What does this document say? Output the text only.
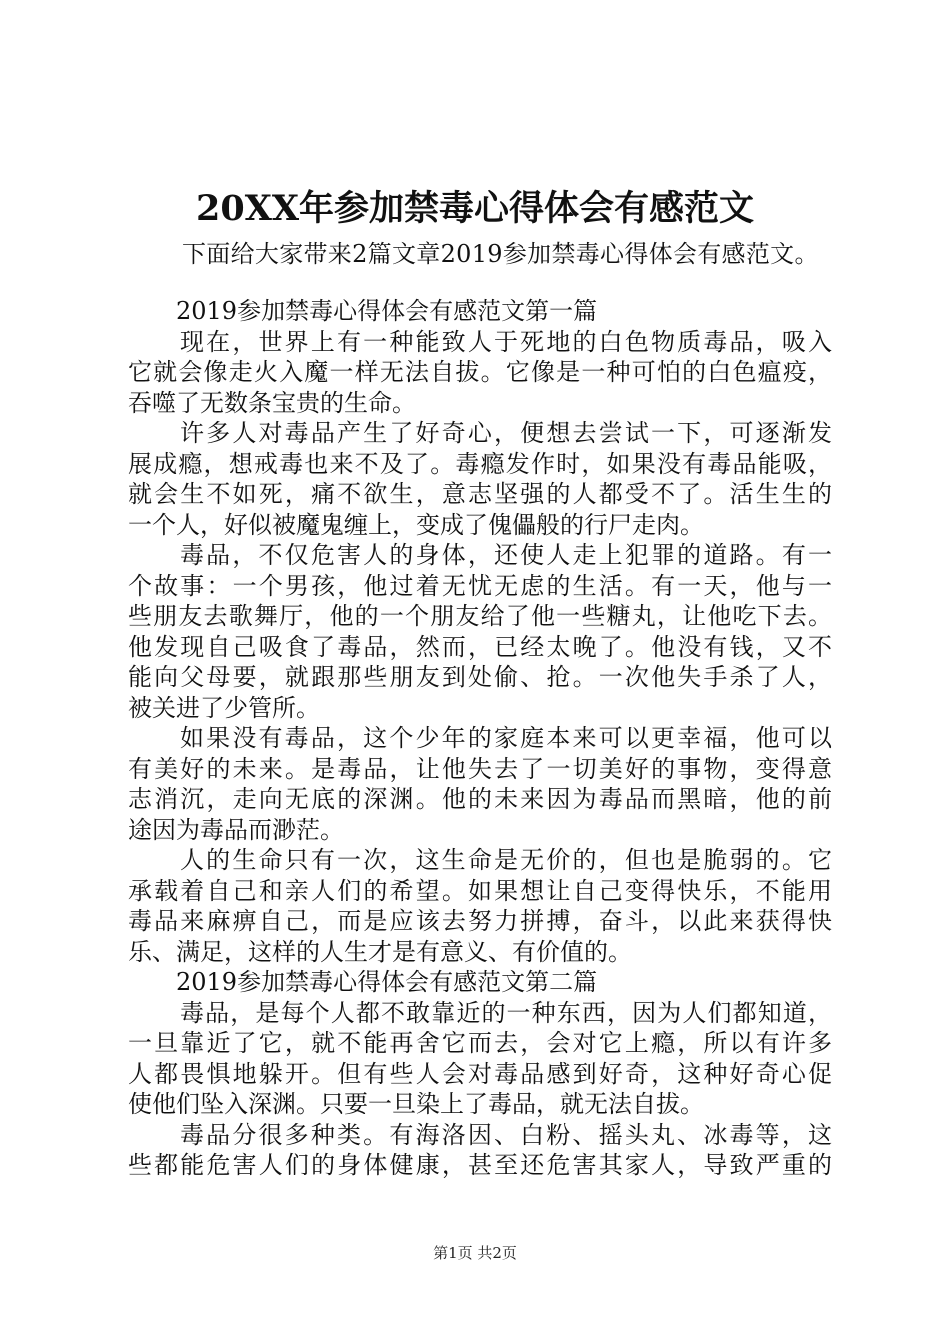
20XX年参加禁毒心得体会有感范文

下面给大家带来2篇文章2019参加禁毒心得体会有感范文。

2019参加禁毒心得体会有感范文第一篇
现在，世界上有一种能致人于死地的白色物质毒品，吸入
它就会像走火入魔一样无法自拔。它像是一种可怕的白色瘟疫，
吞噬了无数条宝贵的生命。
许多人对毒品产生了好奇心，便想去尝试一下，可逐渐发
展成瘾，想戒毒也来不及了。毒瘾发作时，如果没有毒品能吸，
就会生不如死，痛不欲生，意志坚强的人都受不了。活生生的
一个人，好似被魔鬼缠上，变成了傀儡般的行尸走肉。
毒品，不仅危害人的身体，还使人走上犯罪的道路。有一
个故事：一个男孩，他过着无忧无虑的生活。有一天，他与一
些朋友去歌舞厅，他的一个朋友给了他一些糖丸，让他吃下去。
他发现自己吸食了毒品，然而，已经太晚了。他没有钱，又不
能向父母要，就跟那些朋友到处偷、抢。一次他失手杀了人，
被关进了少管所。
如果没有毒品，这个少年的家庭本来可以更幸福，他可以
有美好的未来。是毒品，让他失去了一切美好的事物，变得意
志消沉，走向无底的深渊。他的未来因为毒品而黑暗，他的前
途因为毒品而渺茫。
人的生命只有一次，这生命是无价的，但也是脆弱的。它
承载着自己和亲人们的希望。如果想让自己变得快乐，不能用
毒品来麻痹自己，而是应该去努力拼搏，奋斗，以此来获得快
乐、满足，这样的人生才是有意义、有价值的。
2019参加禁毒心得体会有感范文第二篇
毒品，是每个人都不敢靠近的一种东西，因为人们都知道，
一旦靠近了它，就不能再舍它而去，会对它上瘾，所以有许多
人都畏惧地躲开。但有些人会对毒品感到好奇，这种好奇心促
使他们坠入深渊。只要一旦染上了毒品，就无法自拔。
毒品分很多种类。有海洛因、白粉、摇头丸、冰毒等，这
些都能危害人们的身体健康，甚至还危害其家人，导致严重的
第1页 共2页
